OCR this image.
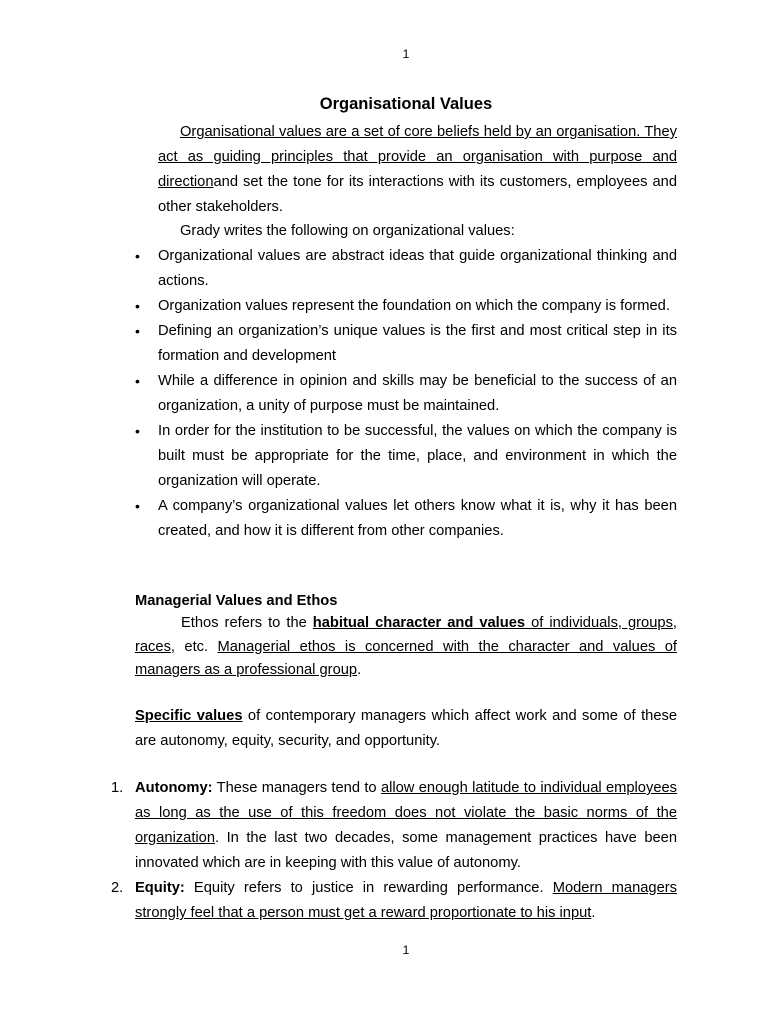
1
Organisational Values

Organisational values are a set of core beliefs held by an organisation. They act as guiding principles that provide an organisation with purpose and directionand set the tone for its interactions with its customers, employees and other stakeholders.

Grady writes the following on organizational values:

• Organizational values are abstract ideas that guide organizational thinking and actions.
• Organization values represent the foundation on which the company is formed.
• Defining an organization’s unique values is the first and most critical step in its formation and development
• While a difference in opinion and skills may be beneficial to the success of an organization, a unity of purpose must be maintained.
• In order for the institution to be successful, the values on which the company is built must be appropriate for the time, place, and environment in which the organization will operate.
• A company’s organizational values let others know what it is, why it has been created, and how it is different from other companies.

Managerial Values and Ethos

Ethos refers to the habitual character and values of individuals, groups, races, etc. Managerial ethos is concerned with the character and values of managers as a professional group.

Specific values of contemporary managers which affect work and some of these are autonomy, equity, security, and opportunity.

1. Autonomy: These managers tend to allow enough latitude to individual employees as long as the use of this freedom does not violate the basic norms of the organization. In the last two decades, some management practices have been innovated which are in keeping with this value of autonomy.
2. Equity: Equity refers to justice in rewarding performance. Modern managers strongly feel that a person must get a reward proportionate to his input.
1
